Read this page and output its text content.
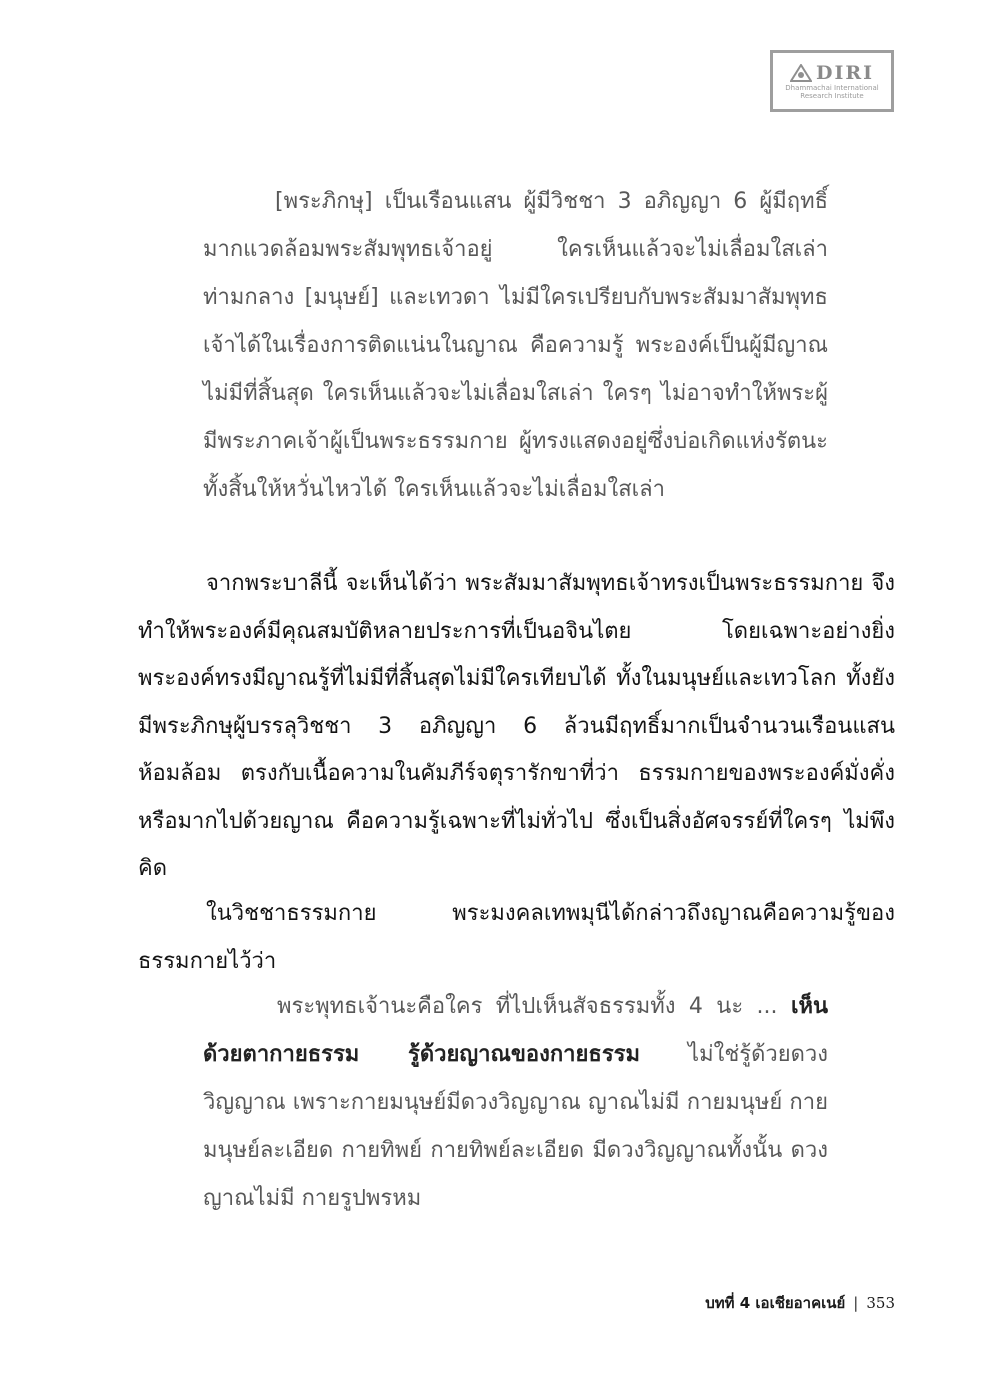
DIRI
Dhammachai International
Research Institute
[พระภิกษุ] เป็นเรือนแสน ผู้มีวิชชา 3 อภิญญา 6 ผู้มีฤทธิ์มากแวดล้อมพระสัมพุทธเจ้าอยู่ ใครเห็นแล้วจะไม่เลื่อมใสเล่า ท่ามกลาง [มนุษย์] และเทวดา ไม่มีใครเปรียบกับพระสัมมาสัมพุทธเจ้าได้ในเรื่องการติดแน่นในญาณ คือความรู้ พระองค์เป็นผู้มีญาณไม่มีที่สิ้นสุด ใครเห็นแล้วจะไม่เลื่อมใสเล่า ใครๆ ไม่อาจทำให้พระผู้มีพระภาคเจ้าผู้เป็นพระธรรมกาย ผู้ทรงแสดงอยู่ซึ่งบ่อเกิดแห่งรัตนะทั้งสิ้นให้หวั่นไหวได้ ใครเห็นแล้วจะไม่เลื่อมใสเล่า
จากพระบาลีนี้ จะเห็นได้ว่า พระสัมมาสัมพุทธเจ้าทรงเป็นพระธรรมกาย จึงทำให้พระองค์มีคุณสมบัติหลายประการที่เป็นอจินไตย โดยเฉพาะอย่างยิ่ง พระองค์ทรงมีญาณรู้ที่ไม่มีที่สิ้นสุดไม่มีใครเทียบได้ ทั้งในมนุษย์และเทวโลก ทั้งยังมีพระภิกษุผู้บรรลุวิชชา 3 อภิญญา 6 ล้วนมีฤทธิ์มากเป็นจำนวนเรือนแสนห้อมล้อม ตรงกับเนื้อความในคัมภีร์จตุรารักขาที่ว่า ธรรมกายของพระองค์มั่งคั่ง หรือมากไปด้วยญาณ คือความรู้เฉพาะที่ไม่ทั่วไป ซึ่งเป็นสิ่งอัศจรรย์ที่ใครๆ ไม่พึงคิด
ในวิชชาธรรมกาย พระมงคลเทพมุนีได้กล่าวถึงญาณคือความรู้ของธรรมกายไว้ว่า
พระพุทธเจ้านะคือใคร ที่ไปเห็นสัจธรรมทั้ง 4 นะ ... เห็นด้วยตากายธรรม รู้ด้วยญาณของกายธรรม ไม่ใช่รู้ด้วยดวงวิญญาณ เพราะกายมนุษย์มีดวงวิญญาณ ญาณไม่มี กายมนุษย์ กายมนุษย์ละเอียด กายทิพย์ กายทิพย์ละเอียด มีดวงวิญญาณทั้งนั้น ดวงญาณไม่มี กายรูปพรหม
บทที่ 4 เอเชียอาคเนย์ | 353
